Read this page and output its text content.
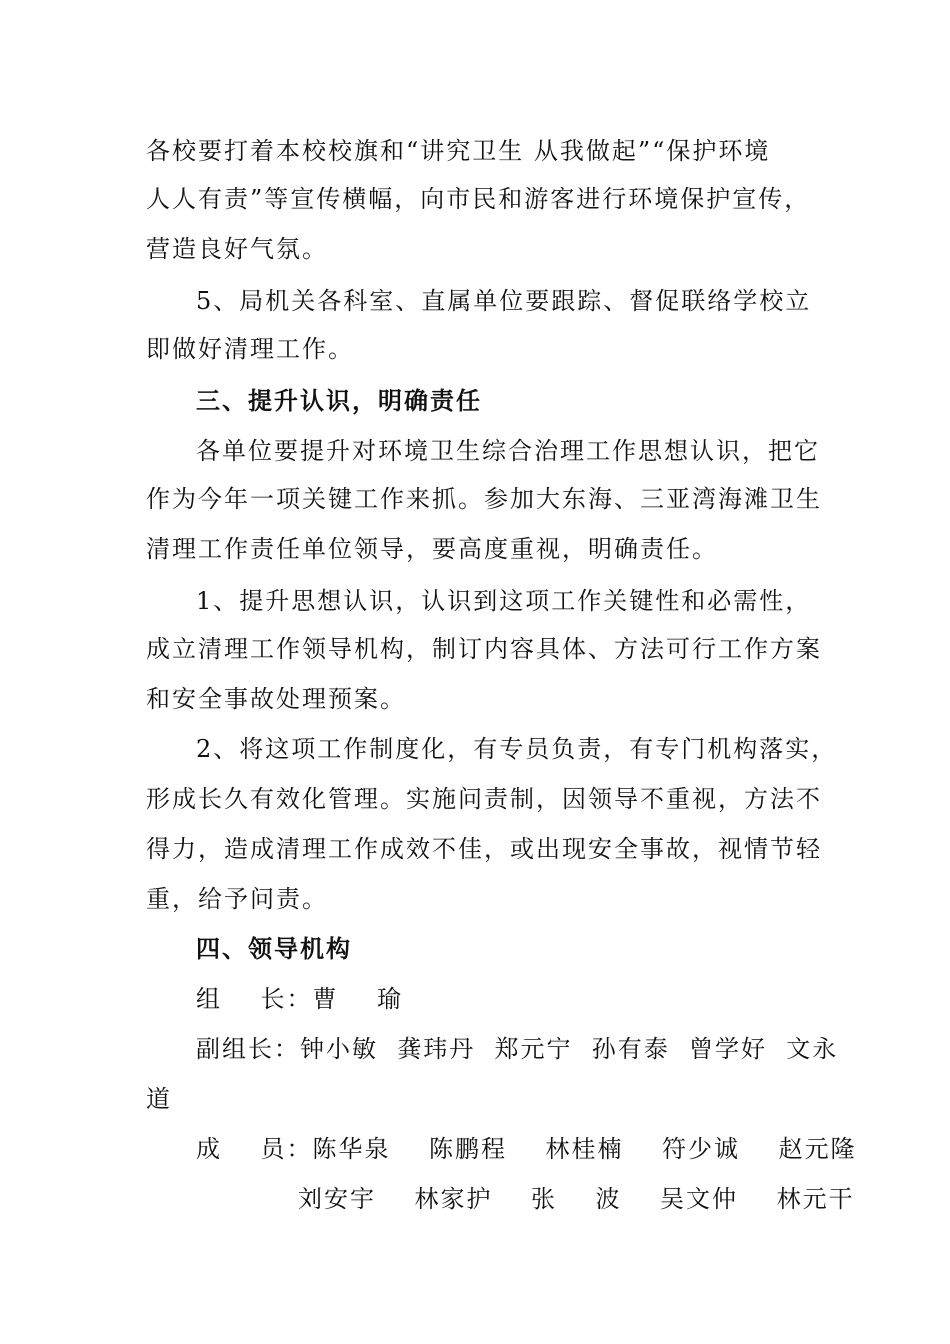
各校要打着本校校旗和“讲究卫生 从我做起”“保护环境
人人有责”等宣传横幅，向市民和游客进行环境保护宣传，
营造良好气氛。
5、局机关各科室、直属单位要跟踪、督促联络学校立
即做好清理工作。
三、提升认识，明确责任
各单位要提升对环境卫生综合治理工作思想认识，把它
作为今年一项关键工作来抓。参加大东海、三亚湾海滩卫生
清理工作责任单位领导，要高度重视，明确责任。
1、提升思想认识，认识到这项工作关键性和必需性，
成立清理工作领导机构，制订内容具体、方法可行工作方案
和安全事故处理预案。
2、将这项工作制度化，有专员负责，有专门机构落实，
形成长久有效化管理。实施问责制，因领导不重视，方法不
得力，造成清理工作成效不佳，或出现安全事故，视情节轻
重，给予问责。
四、领导机构
组    长：曹    瑜
副组长：钟小敏  龚玮丹  郑元宁  孙有泰  曾学好  文永
道
成    员：陈华泉    陈鹏程    林桂楠    符少诚    赵元隆
刘安宇    林家护    张    波    吴文仲    林元干
